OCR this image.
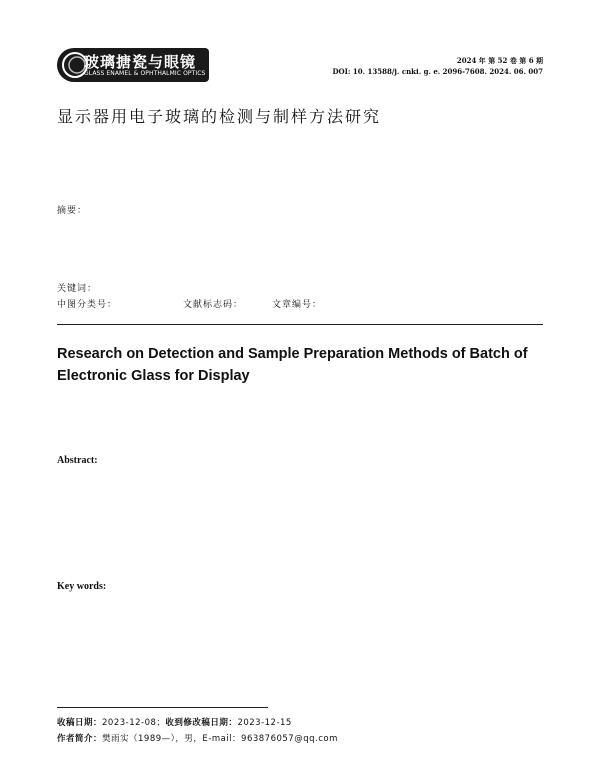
玻璃搪瓷与眼镜
GLASS ENAMEL & OPHTHALMIC OPTICS
2024 年 第 52 卷 第 6 期
DOI: 10. 13588/j. cnki. g. e. 2096-7608. 2024. 06. 007
显示器用电子玻璃的检测与制样方法研究
摘要：
关键词：
中图分类号：	文献标志码：	文章编号：
Research on Detection and Sample Preparation Methods of Batch of Electronic Glass for Display
Abstract:
Key words:
收稿日期：2023-12-08；收到修改稿日期：2023-12-15
作者简介：樊雨实（1989—），男，E-mail：963876057@qq.com
